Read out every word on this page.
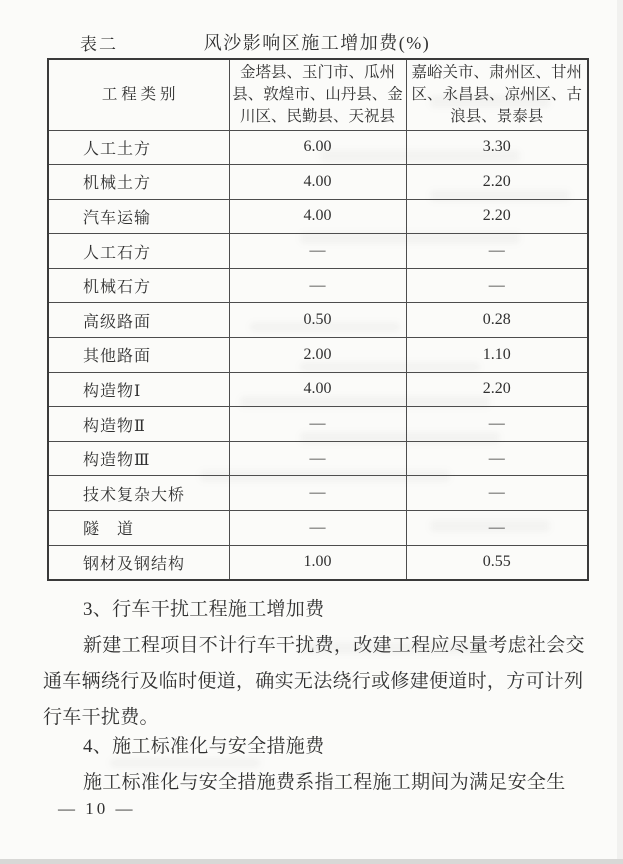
表二	风沙影响区施工增加费(%)
工 程 类 别

金塔县、玉门市、瓜州
县、敦煌市、山丹县、金
川区、民勤县、天祝县

嘉峪关市、肃州区、甘州
区、永昌县、凉州区、古
浪县、景泰县

人工土方	6.00	3.30
机械土方	4.00	2.20
汽车运输	4.00	2.20
人工石方	—	—
机械石方	—	—
高级路面	0.50	0.28
其他路面	2.00	1.10
构造物Ⅰ	4.00	2.20
构造物Ⅱ	—	—
构造物Ⅲ	—	—
技术复杂大桥	—	—
隧　道	—	—
钢材及钢结构	1.00	0.55
3、行车干扰工程施工增加费
新建工程项目不计行车干扰费，改建工程应尽量考虑社会交
通车辆绕行及临时便道，确实无法绕行或修建便道时，方可计列
行车干扰费。
4、施工标准化与安全措施费
施工标准化与安全措施费系指工程施工期间为满足安全生
— 10 —
